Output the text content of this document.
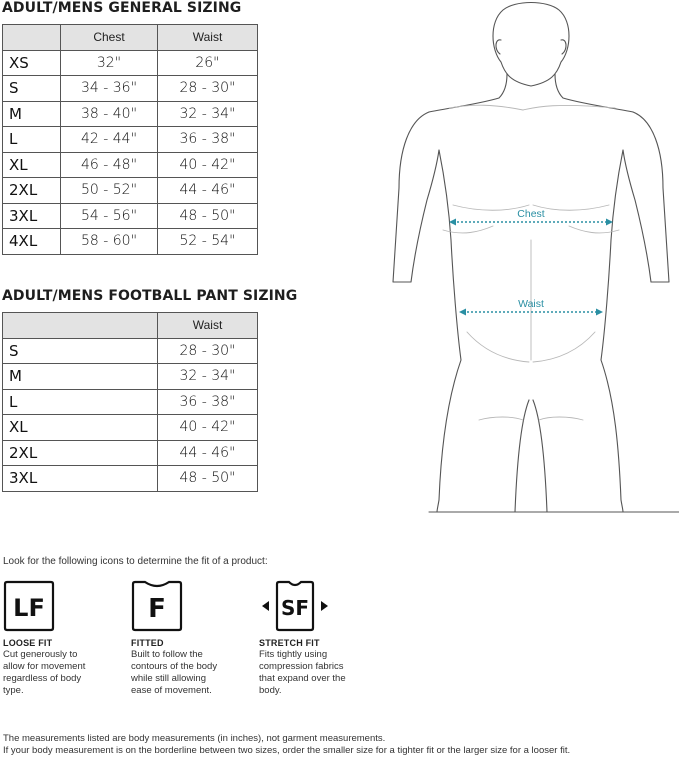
ADULT/MENS GENERAL SIZING
	Chest	Waist
XS	32"	26"
S	34 - 36"	28 - 30"
M	38 - 40"	32 - 34"
L	42 - 44"	36 - 38"
XL	46 - 48"	40 - 42"
2XL	50 - 52"	44 - 46"
3XL	54 - 56"	48 - 50"
4XL	58 - 60"	52 - 54"
ADULT/MENS FOOTBALL PANT SIZING
	Waist
S	28 - 30"
M	32 - 34"
L	36 - 38"
XL	40 - 42"
2XL	44 - 46"
3XL	48 - 50"
Chest
Waist
Look for the following icons to determine the fit of a product:
LF
LOOSE FIT
Cut generously to allow for movement regardless of body type.
F
FITTED
Built to follow the contours of the body while still allowing ease of movement.
SF
STRETCH FIT
Fits tightly using compression fabrics that expand over the body.
The measurements listed are body measurements (in inches), not garment measurements.
If your body measurement is on the borderline between two sizes, order the smaller size for a tighter fit or the larger size for a looser fit.
